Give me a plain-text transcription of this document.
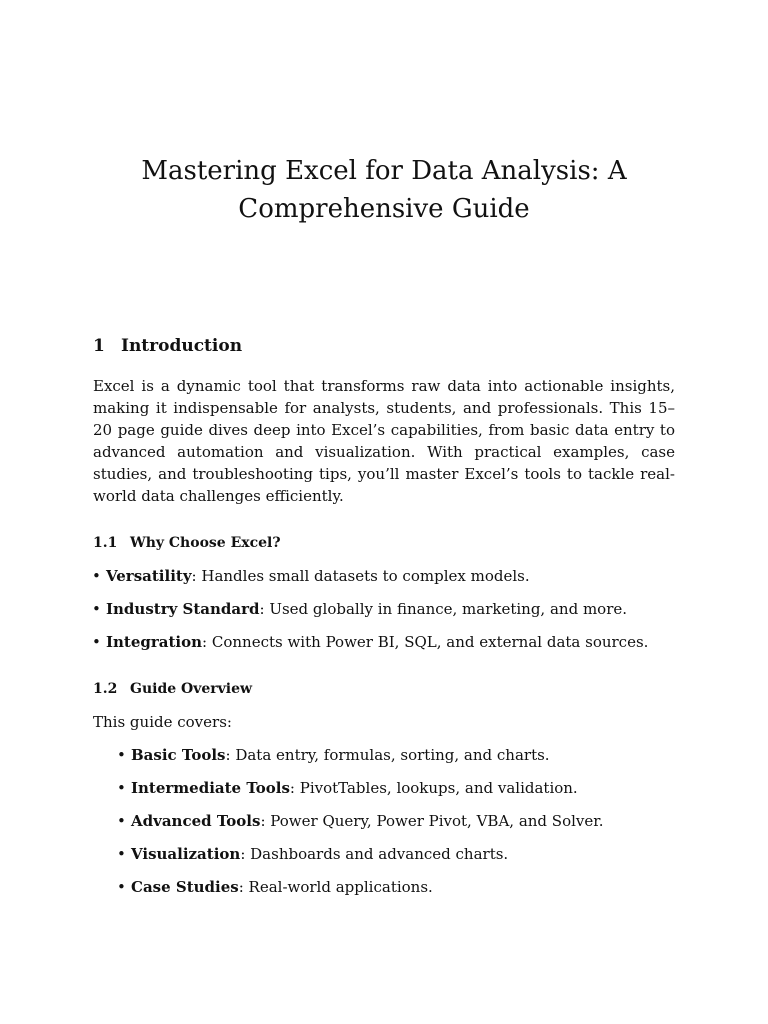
Mastering Excel for Data Analysis: A
Comprehensive Guide
1 Introduction

Excel is a dynamic tool that transforms raw data into actionable insights, making it indispensable for analysts, students, and professionals. This 15–20 page guide dives deep into Excel’s capabilities, from basic data entry to advanced automation and visualization. With practical examples, case studies, and troubleshooting tips, you’ll master Excel’s tools to tackle real-world data challenges efficiently.

1.1 Why Choose Excel?
• Versatility: Handles small datasets to complex models.
• Industry Standard: Used globally in finance, marketing, and more.
• Integration: Connects with Power BI, SQL, and external data sources.
1.2 Guide Overview

This guide covers:

• Basic Tools: Data entry, formulas, sorting, and charts.
• Intermediate Tools: PivotTables, lookups, and validation.
• Advanced Tools: Power Query, Power Pivot, VBA, and Solver.
• Visualization: Dashboards and advanced charts.
• Case Studies: Real-world applications.
